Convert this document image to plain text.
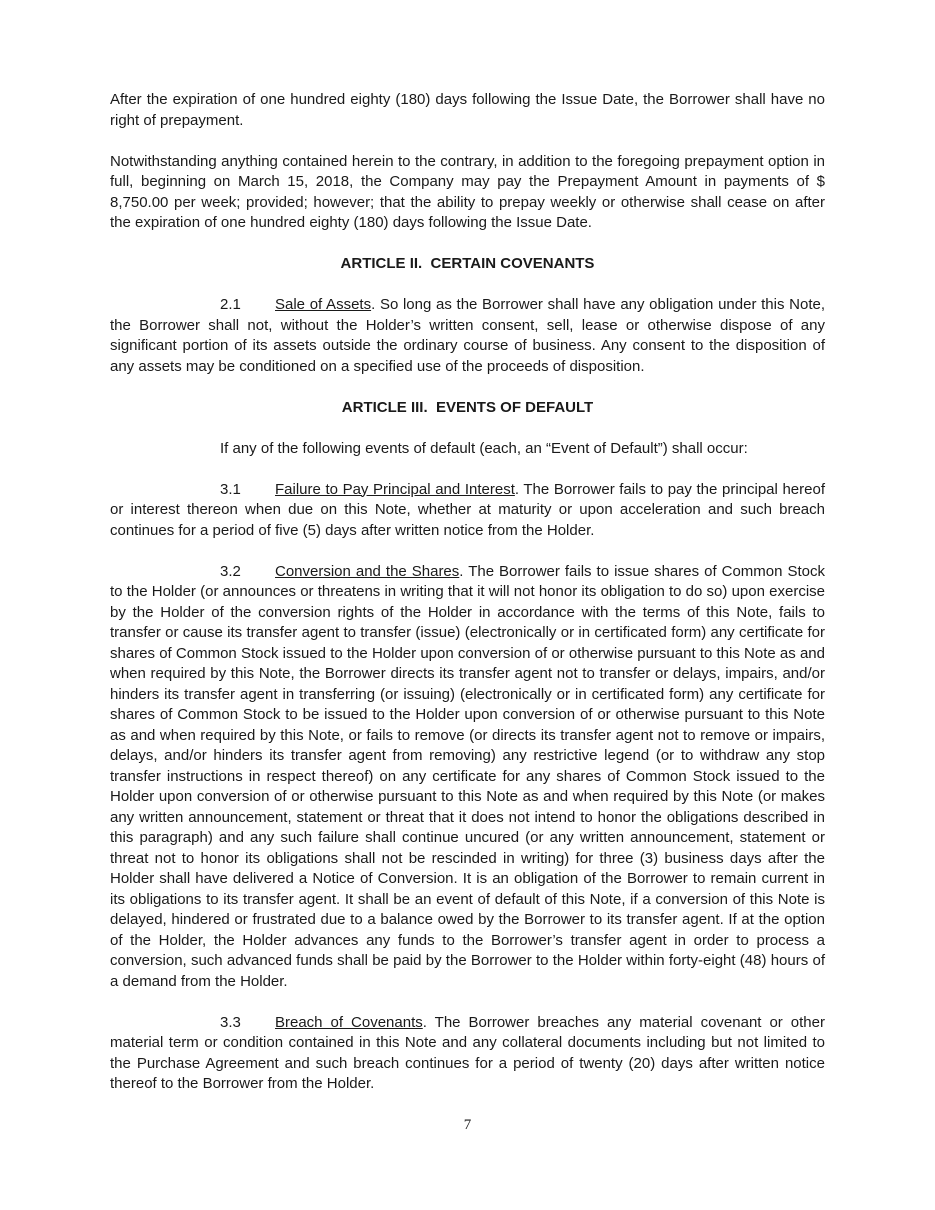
After the expiration of one hundred eighty (180) days following the Issue Date, the Borrower shall have no right of prepayment.

Notwithstanding anything contained herein to the contrary, in addition to the foregoing prepayment option in full, beginning on March 15, 2018, the Company may pay the Prepayment Amount in payments of $ 8,750.00 per week; provided; however; that the ability to prepay weekly or otherwise shall cease on after the expiration of one hundred eighty (180) days following the Issue Date.

ARTICLE II.  CERTAIN COVENANTS

2.1 Sale of Assets. So long as the Borrower shall have any obligation under this Note, the Borrower shall not, without the Holder’s written consent, sell, lease or otherwise dispose of any significant portion of its assets outside the ordinary course of business. Any consent to the disposition of any assets may be conditioned on a specified use of the proceeds of disposition.

ARTICLE III.  EVENTS OF DEFAULT

If any of the following events of default (each, an “Event of Default”) shall occur:

3.1 Failure to Pay Principal and Interest. The Borrower fails to pay the principal hereof or interest thereon when due on this Note, whether at maturity or upon acceleration and such breach continues for a period of five (5) days after written notice from the Holder.

3.2 Conversion and the Shares. The Borrower fails to issue shares of Common Stock to the Holder (or announces or threatens in writing that it will not honor its obligation to do so) upon exercise by the Holder of the conversion rights of the Holder in accordance with the terms of this Note, fails to transfer or cause its transfer agent to transfer (issue) (electronically or in certificated form) any certificate for shares of Common Stock issued to the Holder upon conversion of or otherwise pursuant to this Note as and when required by this Note, the Borrower directs its transfer agent not to transfer or delays, impairs, and/or hinders its transfer agent in transferring (or issuing) (electronically or in certificated form) any certificate for shares of Common Stock to be issued to the Holder upon conversion of or otherwise pursuant to this Note as and when required by this Note, or fails to remove (or directs its transfer agent not to remove or impairs, delays, and/or hinders its transfer agent from removing) any restrictive legend (or to withdraw any stop transfer instructions in respect thereof) on any certificate for any shares of Common Stock issued to the Holder upon conversion of or otherwise pursuant to this Note as and when required by this Note (or makes any written announcement, statement or threat that it does not intend to honor the obligations described in this paragraph) and any such failure shall continue uncured (or any written announcement, statement or threat not to honor its obligations shall not be rescinded in writing) for three (3) business days after the Holder shall have delivered a Notice of Conversion. It is an obligation of the Borrower to remain current in its obligations to its transfer agent. It shall be an event of default of this Note, if a conversion of this Note is delayed, hindered or frustrated due to a balance owed by the Borrower to its transfer agent. If at the option of the Holder, the Holder advances any funds to the Borrower’s transfer agent in order to process a conversion, such advanced funds shall be paid by the Borrower to the Holder within forty-eight (48) hours of a demand from the Holder.

3.3 Breach of Covenants. The Borrower breaches any material covenant or other material term or condition contained in this Note and any collateral documents including but not limited to the Purchase Agreement and such breach continues for a period of twenty (20) days after written notice thereof to the Borrower from the Holder.

7
